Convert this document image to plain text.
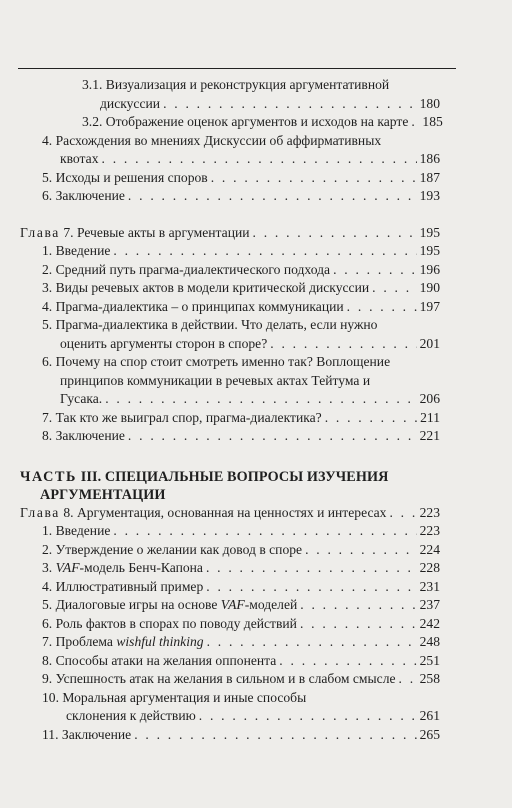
3.1. Визуализация и реконструкция аргументативной
дискуссии . . .	180
3.2. Отображение оценок аргументов и исходов на карте . . . 185
4. Расхождения во мнениях Дискуссии об аффирмативных
квотах . . .	186
5. Исходы и решения споров . . .	187
6. Заключение . . .	193
Глава 7. Речевые акты в аргументации . . .	195
1. Введение . . .	195
2. Средний путь прагма-диалектического подхода . . .	196
3. Виды речевых актов в модели критической дискуссии . . .	190
4. Прагма-диалектика – о принципах коммуникации . . .	197
5. Прагма-диалектика в действии. Что делать, если нужно
оценить аргументы сторон в споре? . . .	201
6. Почему на спор стоит смотреть именно так? Воплощение
принципов коммуникации в речевых актах Тейтума и
Гусака. . . .	206
7. Так кто же выиграл спор, прагма-диалектика? . . .	211
8. Заключение . . .	221
ЧАСТЬ III. СПЕЦИАЛЬНЫЕ ВОПРОСЫ ИЗУЧЕНИЯ
АРГУМЕНТАЦИИ
Глава 8. Аргументация, основанная на ценностях и интересах . . . 223
1. Введение . . .	223
2. Утверждение о желании как довод в споре . . .	224
3. VAF-модель Бенч-Капона . . .	228
4. Иллюстративный пример . . .	231
5. Диалоговые игры на основе VAF-моделей . . .	237
6. Роль фактов в спорах по поводу действий . . .	242
7. Проблема wishful thinking . . .	248
8. Способы атаки на желания оппонента . . .	251
9. Успешность атак на желания в сильном и в слабом смысле . . . 258
10. Моральная аргументация и иные способы
склонения к действию . . .	261
11. Заключение . . .	265
